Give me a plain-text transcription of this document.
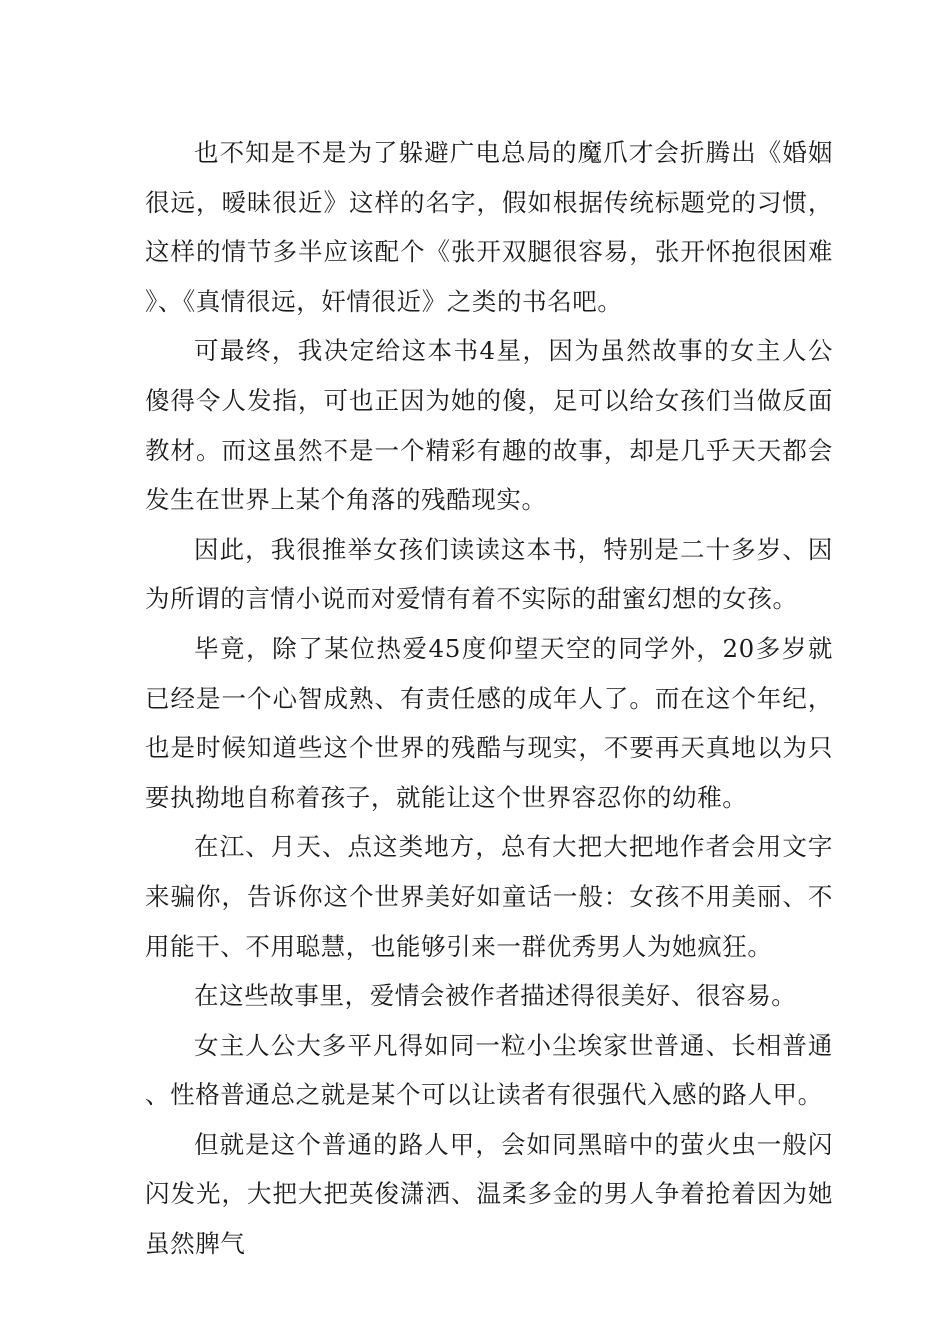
也不知是不是为了躲避广电总局的魔爪才会折腾出《婚姻很远，暧昧很近》这样的名字，假如根据传统标题党的习惯，这样的情节多半应该配个《张开双腿很容易，张开怀抱很困难》、《真情很远，奸情很近》之类的书名吧。

可最终，我决定给这本书4星，因为虽然故事的女主人公傻得令人发指，可也正因为她的傻，足可以给女孩们当做反面教材。而这虽然不是一个精彩有趣的故事，却是几乎天天都会发生在世界上某个角落的残酷现实。

因此，我很推举女孩们读读这本书，特别是二十多岁、因为所谓的言情小说而对爱情有着不实际的甜蜜幻想的女孩。

毕竟，除了某位热爱45度仰望天空的同学外，20多岁就已经是一个心智成熟、有责任感的成年人了。而在这个年纪，也是时候知道些这个世界的残酷与现实，不要再天真地以为只要执拗地自称着孩子，就能让这个世界容忍你的幼稚。

在江、月天、点这类地方，总有大把大把地作者会用文字来骗你，告诉你这个世界美好如童话一般：女孩不用美丽、不用能干、不用聪慧，也能够引来一群优秀男人为她疯狂。

在这些故事里，爱情会被作者描述得很美好、很容易。

女主人公大多平凡得如同一粒小尘埃家世普通、长相普通、性格普通总之就是某个可以让读者有很强代入感的路人甲。

但就是这个普通的路人甲，会如同黑暗中的萤火虫一般闪闪发光，大把大把英俊潇洒、温柔多金的男人争着抢着因为她虽然脾气
